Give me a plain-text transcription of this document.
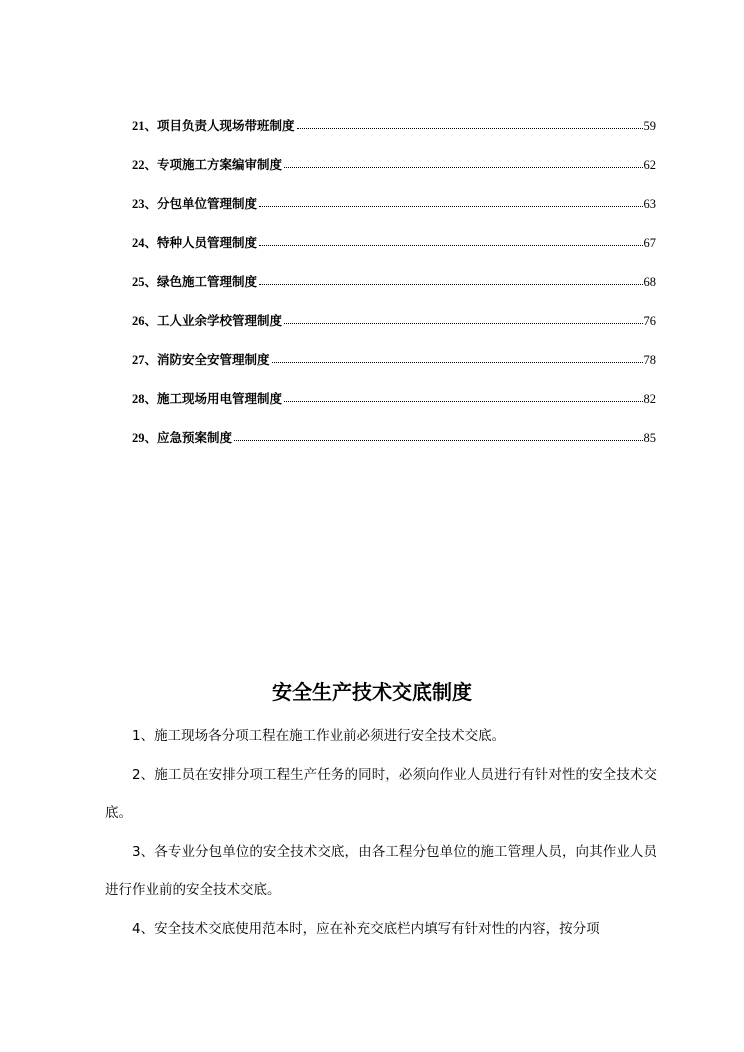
21 、 项目负责人现场带班制度	59
22 、 专项施工方案编审制度	62
23 、 分包单位管理制度	63
24 、 特种人员管理制度	67
25 、 绿色施工管理制度	68
26 、 工人业余学校管理制度	76
27 、 消防安全安管理制度	78
28 、 施工现场用电管理制度	82
29 、 应急预案制度	85
安全生产技术交底制度

1、施工现场各分项工程在施工作业前必须进行安全技术交底。

2、施工员在安排分项工程生产任务的同时，必须向作业人员进行有针对性的安全技术交底。

3、各专业分包单位的安全技术交底，由各工程分包单位的施工管理人员，向其作业人员进行作业前的安全技术交底。

4、安全技术交底使用范本时，应在补充交底栏内填写有针对性的内容，按分项
